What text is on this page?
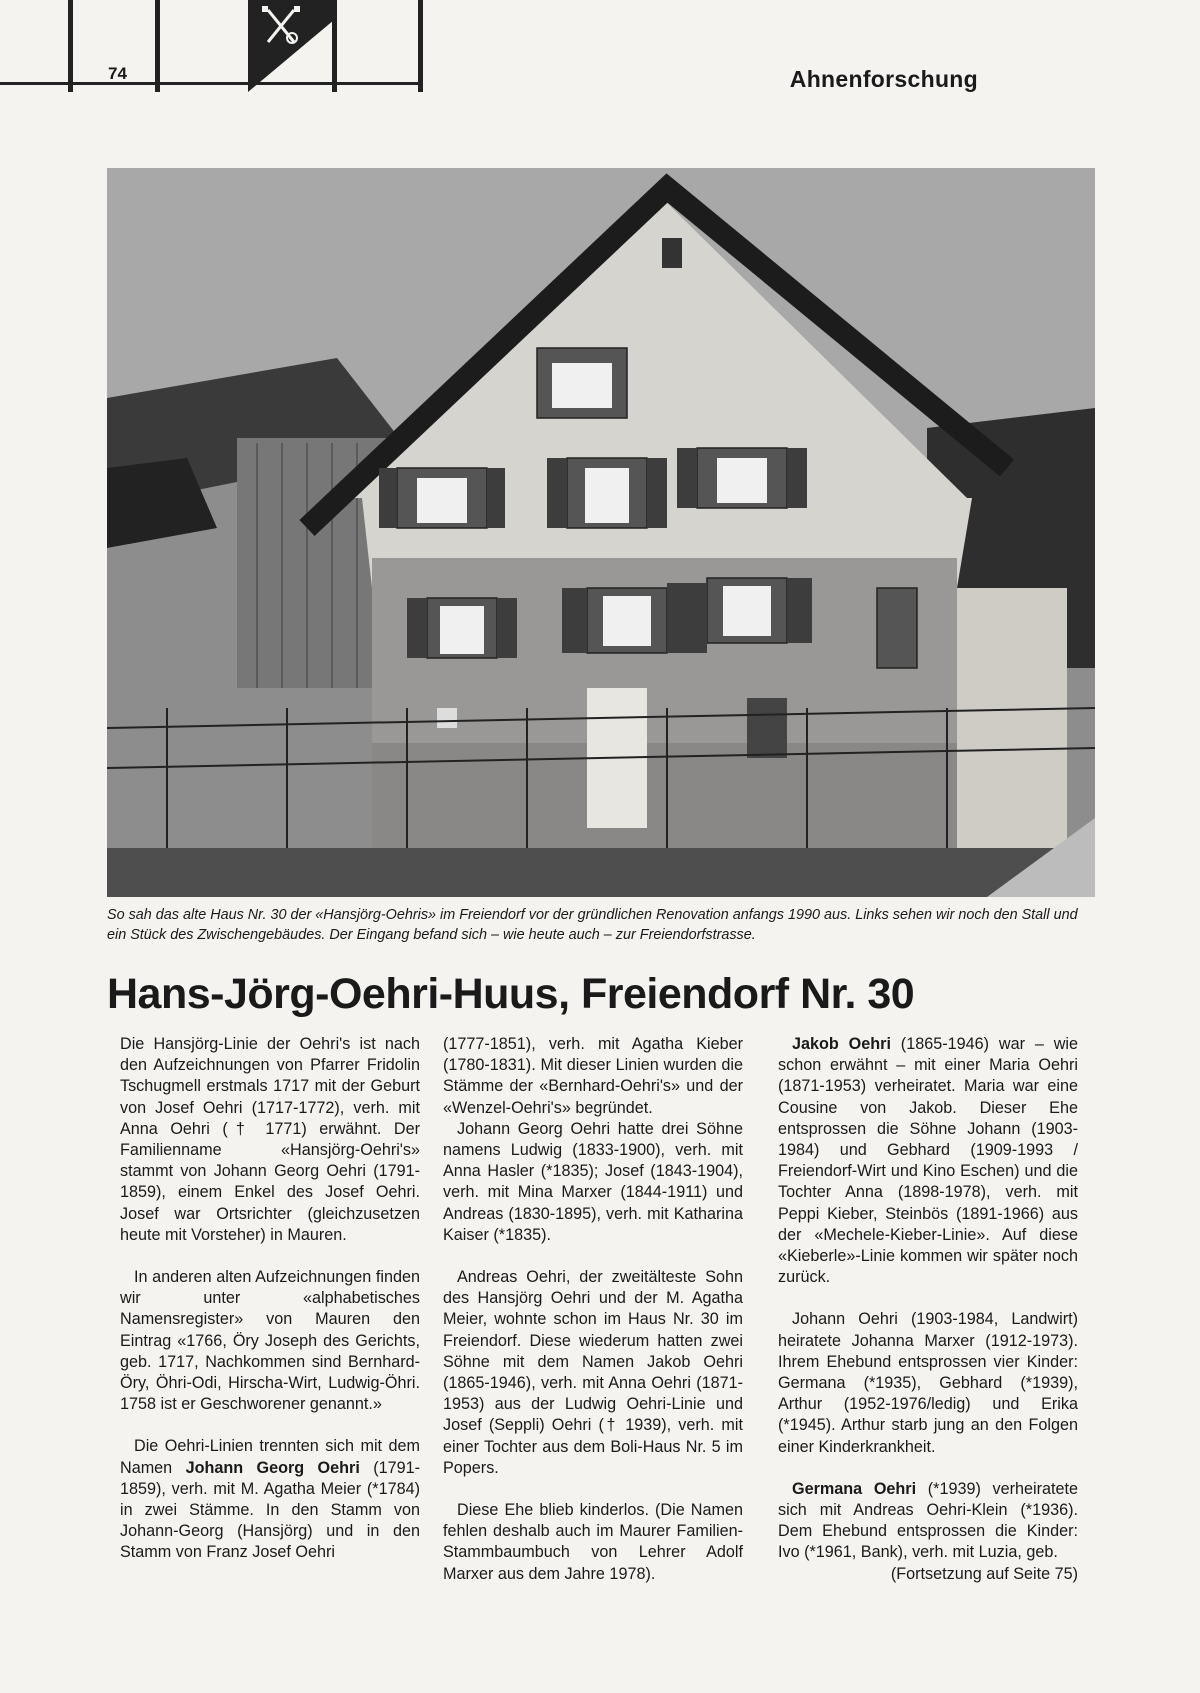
74	Ahnenforschung
So sah das alte Haus Nr. 30 der «Hansjörg-Oehris» im Freiendorf vor der gründlichen Renovation anfangs 1990 aus. Links sehen wir noch den Stall und ein Stück des Zwischengebäudes. Der Eingang befand sich – wie heute auch – zur Freiendorfstrasse.
Hans-Jörg-Oehri-Huus, Freiendorf Nr. 30

Die Hansjörg-Linie der Oehri's ist nach den Aufzeichnungen von Pfarrer Fridolin Tschugmell erstmals 1717 mit der Geburt von Josef Oehri (1717-1772), verh. mit Anna Oehri († 1771) erwähnt. Der Familienname «Hansjörg-Oehri's» stammt von Johann Georg Oehri (1791-1859), einem Enkel des Josef Oehri. Josef war Ortsrichter (gleichzusetzen heute mit Vorsteher) in Mauren.

In anderen alten Aufzeichnungen finden wir unter «alphabetisches Namensregister» von Mauren den Eintrag «1766, Öry Joseph des Gerichts, geb. 1717, Nachkommen sind Bernhard-Öry, Öhri-Odi, Hirscha-Wirt, Ludwig-Öhri. 1758 ist er Geschworener genannt.»

Die Oehri-Linien trennten sich mit dem Namen Johann Georg Oehri (1791-1859), verh. mit M. Agatha Meier (*1784) in zwei Stämme. In den Stamm von Johann-Georg (Hansjörg) und in den Stamm von Franz Josef Oehri

(1777-1851), verh. mit Agatha Kieber (1780-1831). Mit dieser Linien wurden die Stämme der «Bernhard-Oehri's» und der «Wenzel-Oehri's» begründet.

Johann Georg Oehri hatte drei Söhne namens Ludwig (1833-1900), verh. mit Anna Hasler (*1835); Josef (1843-1904), verh. mit Mina Marxer (1844-1911) und Andreas (1830-1895), verh. mit Katharina Kaiser (*1835).

Andreas Oehri, der zweitälteste Sohn des Hansjörg Oehri und der M. Agatha Meier, wohnte schon im Haus Nr. 30 im Freiendorf. Diese wiederum hatten zwei Söhne mit dem Namen Jakob Oehri (1865-1946), verh. mit Anna Oehri (1871-1953) aus der Ludwig Oehri-Linie und Josef (Seppli) Oehri († 1939), verh. mit einer Tochter aus dem Boli-Haus Nr. 5 im Popers.

Diese Ehe blieb kinderlos. (Die Namen fehlen deshalb auch im Maurer Familien-Stammbaumbuch von Lehrer Adolf Marxer aus dem Jahre 1978).

Jakob Oehri (1865-1946) war – wie schon erwähnt – mit einer Maria Oehri (1871-1953) verheiratet. Maria war eine Cousine von Jakob. Dieser Ehe entsprossen die Söhne Johann (1903-1984) und Gebhard (1909-1993 / Freiendorf-Wirt und Kino Eschen) und die Tochter Anna (1898-1978), verh. mit Peppi Kieber, Steinbös (1891-1966) aus der «Mechele-Kieber-Linie». Auf diese «Kieberle»-Linie kommen wir später noch zurück.

Johann Oehri (1903-1984, Landwirt) heiratete Johanna Marxer (1912-1973). Ihrem Ehebund entsprossen vier Kinder: Germana (*1935), Gebhard (*1939), Arthur (1952-1976/ledig) und Erika (*1945). Arthur starb jung an den Folgen einer Kinderkrankheit.

Germana Oehri (*1939) verheiratete sich mit Andreas Oehri-Klein (*1936). Dem Ehebund entsprossen die Kinder: Ivo (*1961, Bank), verh. mit Luzia, geb.

(Fortsetzung auf Seite 75)
